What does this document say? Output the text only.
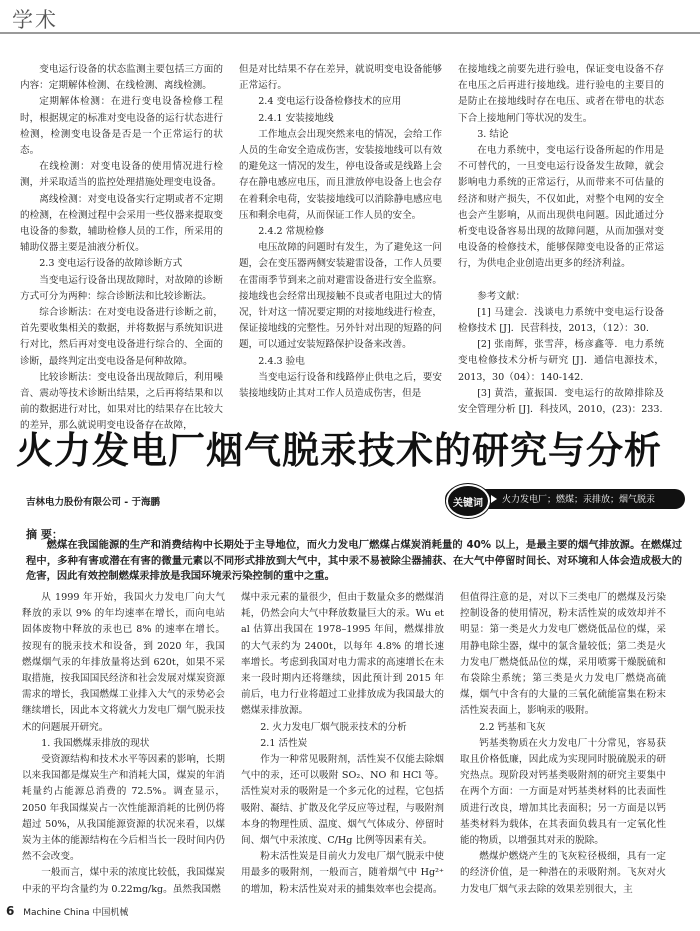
学术

变电运行设备的状态监测主要包括三方面的内容：定期解体检测、在线检测、离线检测。

定期解体检测：在进行变电设备检修工程时，根据规定的标准对变电设备的运行状态进行检测，检测变电设备是否是一个正常运行的状态。

在线检测：对变电设备的使用情况进行检测，并采取适当的监控处理措施处理变电设备。

离线检测：对变电设备实行定期或者不定期的检测，在检测过程中会采用一些仪器来提取变电设备的参数，辅助检修人员的工作，所采用的辅助仪器主要是油液分析仪。

2.3 变电运行设备的故障诊断方式

当变电运行设备出现故障时，对故障的诊断方式可分为两种：综合诊断法和比较诊断法。

综合诊断法：在对变电设备进行诊断之前，首先要收集相关的数据，并将数据与系统知识进行对比，然后再对变电设备进行综合的、全面的诊断，最终判定出变电设备是何种故障。

比较诊断法：变电设备出现故障后，利用噪音、震动等技术诊断出结果，之后再将结果和以前的数据进行对比，如果对比的结果存在比较大的差异，那么就说明变电设备存在故障，

但是对比结果不存在差异，就说明变电设备能够正常运行。

2.4 变电运行设备检修技术的应用

2.4.1 安装接地线

工作地点会出现突然来电的情况，会给工作人员的生命安全造成伤害，安装接地线可以有效的避免这一情况的发生，停电设备或是线路上会存在静电感应电压，而且泄放停电设备上也会存在着剩余电荷，安装接地线可以消除静电感应电压和剩余电荷，从而保证工作人员的安全。

2.4.2 常规检修

电压故障的问题时有发生，为了避免这一问题，会在变压器两侧安装避雷设备，工作人员要在雷雨季节到来之前对避雷设备进行安全监察。接地线也会经常出现接触不良或者电阻过大的情况，针对这一情况要定期的对接地线进行检查，保证接地线的完整性。另外针对出现的短路的问题，可以通过安装短路保护设备来改善。

2.4.3 验电

当变电运行设备和线路停止供电之后，要安装接地线防止其对工作人员造成伤害，但是

在接地线之前要先进行验电，保证变电设备不存在电压之后再进行接地线。进行验电的主要目的是防止在接地线时存在电压、或者在带电的状态下合上接地闸门等状况的发生。

3. 结论

在电力系统中，变电运行设备所起的作用是不可替代的，一旦变电运行设备发生故障，就会影响电力系统的正常运行，从而带来不可估量的经济和财产损失，不仅如此，对整个电网的安全也会产生影响，从而出现供电问题。因此通过分析变电设备容易出现的故障问题，从而加强对变电设备的检修技术，能够保障变电设备的正常运行，为供电企业创造出更多的经济利益。

参考文献：

[1] 马建会．浅谈电力系统中变电运行设备检修技术 [J]．民营科技，2013，（12）：30.

[2] 张南辉，张雪萍，杨彦鑫等．电力系统变电检修技术分析与研究 [J]．通信电源技术，2013，30（04）：140-142.

[3] 黄浩，董振国．变电运行的故障排除及安全管理分析 [J]．科技风，2010，(23)：233.

火力发电厂烟气脱汞技术的研究与分析
吉林电力股份有限公司 - 于海鹏	关键词	火力发电厂；燃煤；汞排放；烟气脱汞
摘 要：

燃煤在我国能源的生产和消费结构中长期处于主导地位，而火力发电厂燃煤占煤炭消耗量的 40% 以上，是最主要的烟气排放源。在燃煤过程中，多种有害或潜在有害的微量元素以不同形式排放到大气中，其中汞不易被除尘器捕获、在大气中停留时间长、对环境和人体会造成极大的危害，因此有效控制燃煤汞排放是我国环境汞污染控制的重中之重。

从 1999 年开始，我国火力发电厂向大气释放的汞以 9% 的年均速率在增长，而向电站固体废物中释放的汞也已 8% 的速率在增长。按现有的脱汞技术和设备，到 2020 年，我国燃煤烟气汞的年排放量将达到 620t，如果不采取措施，按我国国民经济和社会发展对煤炭资源需求的增长，我国燃煤工业排入大气的汞势必会继续增长，因此本文将就火力发电厂烟气脱汞技术的问题展开研究。

1. 我国燃煤汞排放的现状

受资源结构和技术水平等因素的影响，长期以来我国都是煤炭生产和消耗大国，煤炭的年消耗量约占能源总消费的 72.5%。调查显示，2050 年我国煤炭占一次性能源消耗的比例仍将超过 50%，从我国能源资源的状况来看，以煤炭为主体的能源结构在今后相当长一段时间内仍然不会改变。

一般而言，煤中汞的浓度比较低，我国煤炭中汞的平均含量约为 0.22mg/kg。虽然我国燃

煤中汞元素的量很少，但由于数量众多的燃煤消耗，仍然会向大气中释放数量巨大的汞。Wu et al 估算出我国在 1978–1995 年间，燃煤排放的大气汞约为 2400t，以每年 4.8% 的增长速率增长。考虑到我国对电力需求的高速增长在未来一段时期内还将继续，因此预计到 2015 年前后，电力行业将超过工业排放成为我国最大的燃煤汞排放源。

2. 火力发电厂烟气脱汞技术的分析

2.1 活性炭

作为一种常见吸附剂，活性炭不仅能去除烟气中的汞，还可以吸附 SO₂、NO 和 HCl 等。活性炭对汞的吸附是一个多元化的过程，它包括吸附、凝结、扩散及化学反应等过程，与吸附剂本身的物理性质、温度、烟气气体成分、停留时间、烟气中汞浓度、C/Hg 比例等因素有关。

粉末活性炭是目前火力发电厂烟气脱汞中使用最多的吸附剂，一般而言，随着烟气中 Hg²⁺ 的增加，粉末活性炭对汞的捕集效率也会提高。

但值得注意的是，对以下三类电厂的燃煤及污染控制设备的使用情况，粉末活性炭的成效却并不明显：第一类是火力发电厂燃烧低品位的煤，采用静电除尘器，煤中的氯含量较低；第二类是火力发电厂燃烧低品位的煤，采用喷雾干燥脱硫和布袋除尘系统；第三类是火力发电厂燃烧高硫煤，烟气中含有的大量的三氧化硫能富集在粉末活性炭表面上，影响汞的吸附。

2.2 钙基和飞灰

钙基类物质在火力发电厂十分常见，容易获取且价格低廉，因此成为实现同时脱硫脱汞的研究热点。现阶段对钙基类吸附剂的研究主要集中在两个方面：一方面是对钙基类材料的比表面性质进行改良，增加其比表面积；另一方面是以钙基类材料为载体，在其表面负载具有一定氧化性能的物质，以增强其对汞的脱除。

燃煤炉燃烧产生的飞灰粒径极细，具有一定的经济价值，是一种潜在的汞吸附剂。飞灰对火力发电厂烟气汞去除的效果差别很大，主

6 Machine China 中国机械
